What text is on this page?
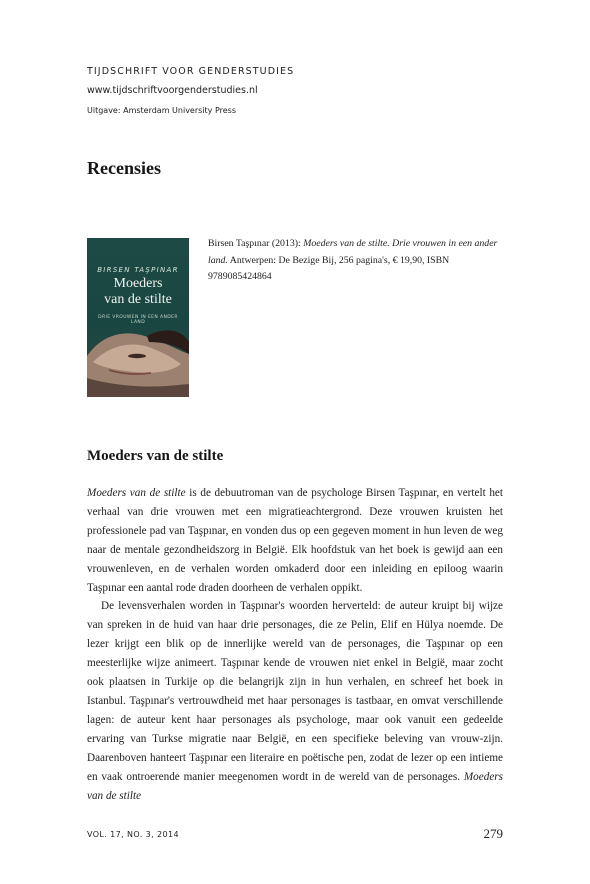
TIJDSCHRIFT VOOR GENDERSTUDIES
www.tijdschriftvoorgenderstudies.nl
Uitgave: Amsterdam University Press
Recensies
BIRSEN TAŞPINAR
Moeders
van de stilte
DRIE VROUWEN IN EEN ANDER LAND
Birsen Taşpınar (2013): Moeders van de stilte. Drie vrouwen in een ander land. Antwerpen: De Bezige Bij, 256 pagina's, € 19,90, ISBN 9789085424864
Moeders van de stilte

Moeders van de stilte is de debuutroman van de psychologe Birsen Taşpınar, en vertelt het verhaal van drie vrouwen met een migratieachtergrond. Deze vrouwen kruisten het professionele pad van Taşpınar, en vonden dus op een gegeven moment in hun leven de weg naar de mentale gezondheidszorg in België. Elk hoofdstuk van het boek is gewijd aan een vrouwenleven, en de verhalen worden omkaderd door een inleiding en epiloog waarin Taşpınar een aantal rode draden doorheen de verhalen oppikt.

De levensverhalen worden in Taşpınar's woorden herverteld: de auteur kruipt bij wijze van spreken in de huid van haar drie personages, die ze Pelin, Elif en Hülya noemde. De lezer krijgt een blik op de innerlijke wereld van de personages, die Taşpınar op een meesterlijke wijze animeert. Taşpınar kende de vrouwen niet enkel in België, maar zocht ook plaatsen in Turkije op die belangrijk zijn in hun verhalen, en schreef het boek in Istanbul. Taşpınar's vertrouwdheid met haar personages is tastbaar, en omvat verschillende lagen: de auteur kent haar personages als psychologe, maar ook vanuit een gedeelde ervaring van Turkse migratie naar België, en een specifieke beleving van vrouw-zijn. Daarenboven hanteert Taşpınar een literaire en poëtische pen, zodat de lezer op een intieme en vaak ontroerende manier meegenomen wordt in de wereld van de personages. Moeders van de stilte

VOL. 17, NO. 3, 2014	279
